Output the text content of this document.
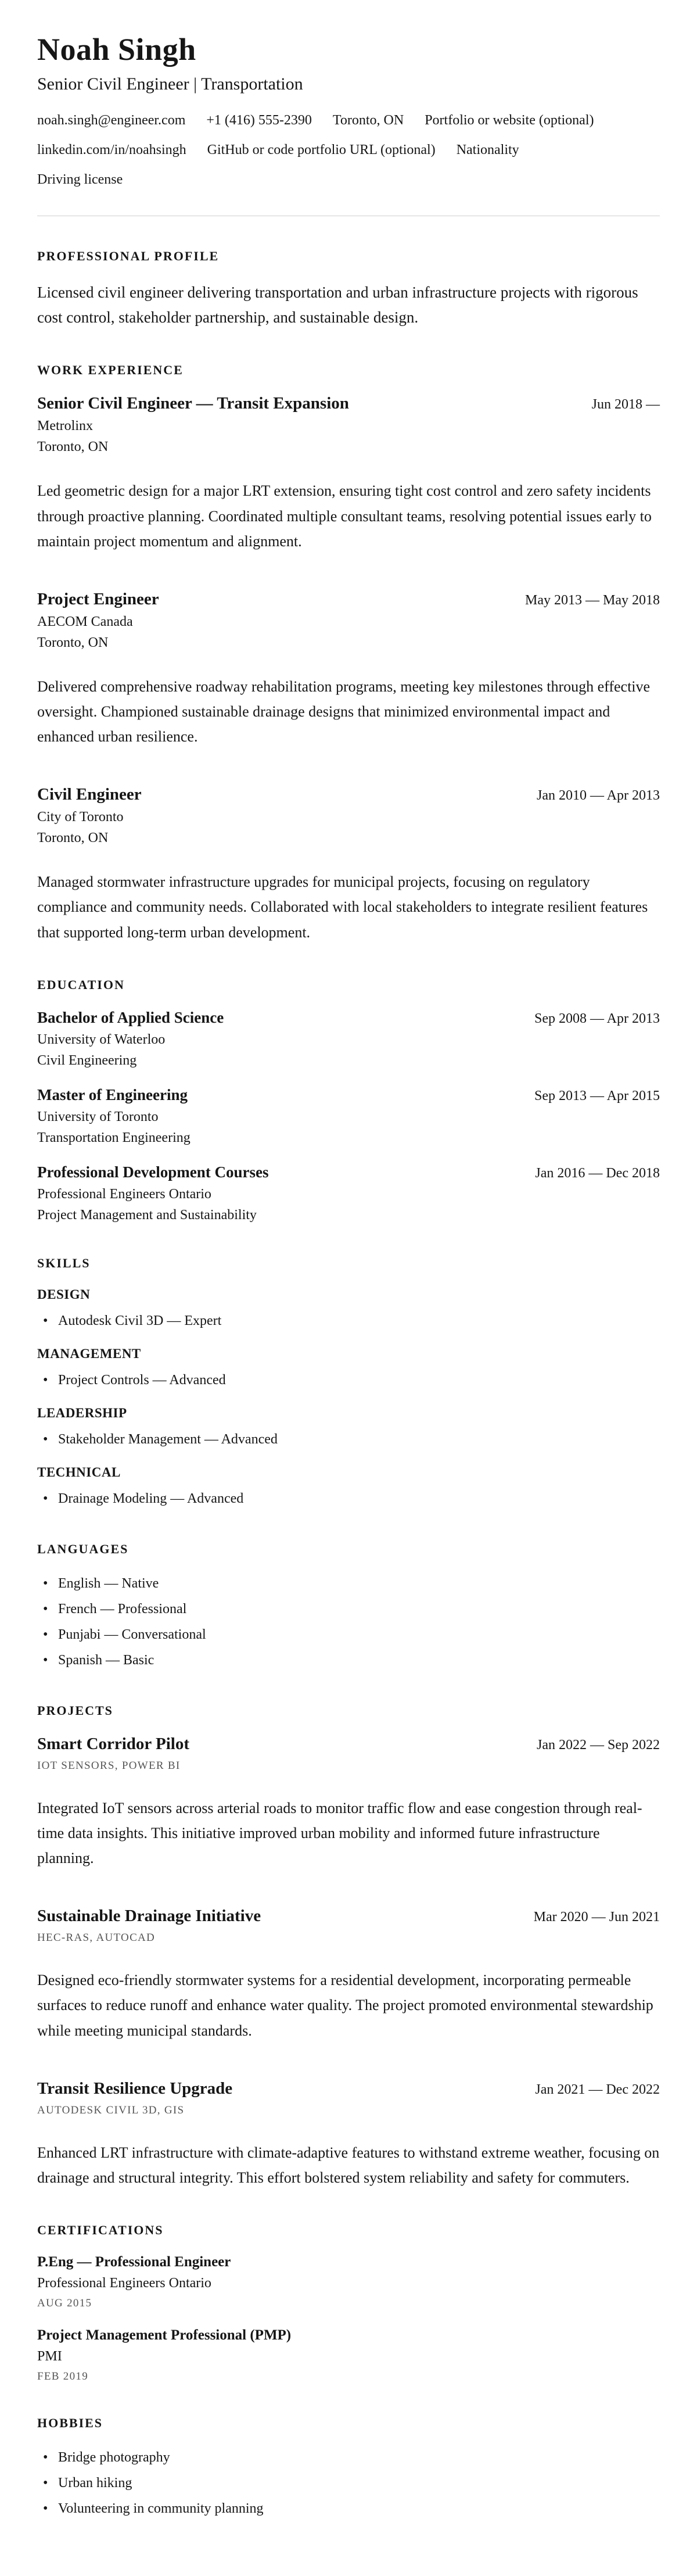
Noah Singh
Senior Civil Engineer | Transportation
noah.singh@engineer.com +1 (416) 555-2390 Toronto, ON Portfolio or website (optional)
linkedin.com/in/noahsingh GitHub or code portfolio URL (optional) Nationality
Driving license
PROFESSIONAL PROFILE

Licensed civil engineer delivering transportation and urban infrastructure projects with rigorous cost control, stakeholder partnership, and sustainable design.

WORK EXPERIENCE
Senior Civil Engineer — Transit Expansion	Jun 2018 —
Metrolinx
Toronto, ON
Led geometric design for a major LRT extension, ensuring tight cost control and zero safety incidents through proactive planning. Coordinated multiple consultant teams, resolving potential issues early to maintain project momentum and alignment.
Project Engineer	May 2013 — May 2018
AECOM Canada
Toronto, ON
Delivered comprehensive roadway rehabilitation programs, meeting key milestones through effective oversight. Championed sustainable drainage designs that minimized environmental impact and enhanced urban resilience.
Civil Engineer	Jan 2010 — Apr 2013
City of Toronto
Toronto, ON
Managed stormwater infrastructure upgrades for municipal projects, focusing on regulatory compliance and community needs. Collaborated with local stakeholders to integrate resilient features that supported long-term urban development.
EDUCATION
Bachelor of Applied Science	Sep 2008 — Apr 2013
University of Waterloo
Civil Engineering
Master of Engineering	Sep 2013 — Apr 2015
University of Toronto
Transportation Engineering
Professional Development Courses	Jan 2016 — Dec 2018
Professional Engineers Ontario
Project Management and Sustainability
SKILLS
DESIGN
• Autodesk Civil 3D — Expert
MANAGEMENT
• Project Controls — Advanced
LEADERSHIP
• Stakeholder Management — Advanced
TECHNICAL
• Drainage Modeling — Advanced
LANGUAGES
• English — Native
• French — Professional
• Punjabi — Conversational
• Spanish — Basic
PROJECTS
Smart Corridor Pilot	Jan 2022 — Sep 2022
IOT SENSORS, POWER BI
Integrated IoT sensors across arterial roads to monitor traffic flow and ease congestion through real-time data insights. This initiative improved urban mobility and informed future infrastructure planning.
Sustainable Drainage Initiative	Mar 2020 — Jun 2021
HEC-RAS, AUTOCAD
Designed eco-friendly stormwater systems for a residential development, incorporating permeable surfaces to reduce runoff and enhance water quality. The project promoted environmental stewardship while meeting municipal standards.
Transit Resilience Upgrade	Jan 2021 — Dec 2022
AUTODESK CIVIL 3D, GIS
Enhanced LRT infrastructure with climate-adaptive features to withstand extreme weather, focusing on drainage and structural integrity. This effort bolstered system reliability and safety for commuters.
CERTIFICATIONS
P.Eng — Professional Engineer
Professional Engineers Ontario
AUG 2015
Project Management Professional (PMP)
PMI
FEB 2019
HOBBIES
• Bridge photography
• Urban hiking
• Volunteering in community planning
